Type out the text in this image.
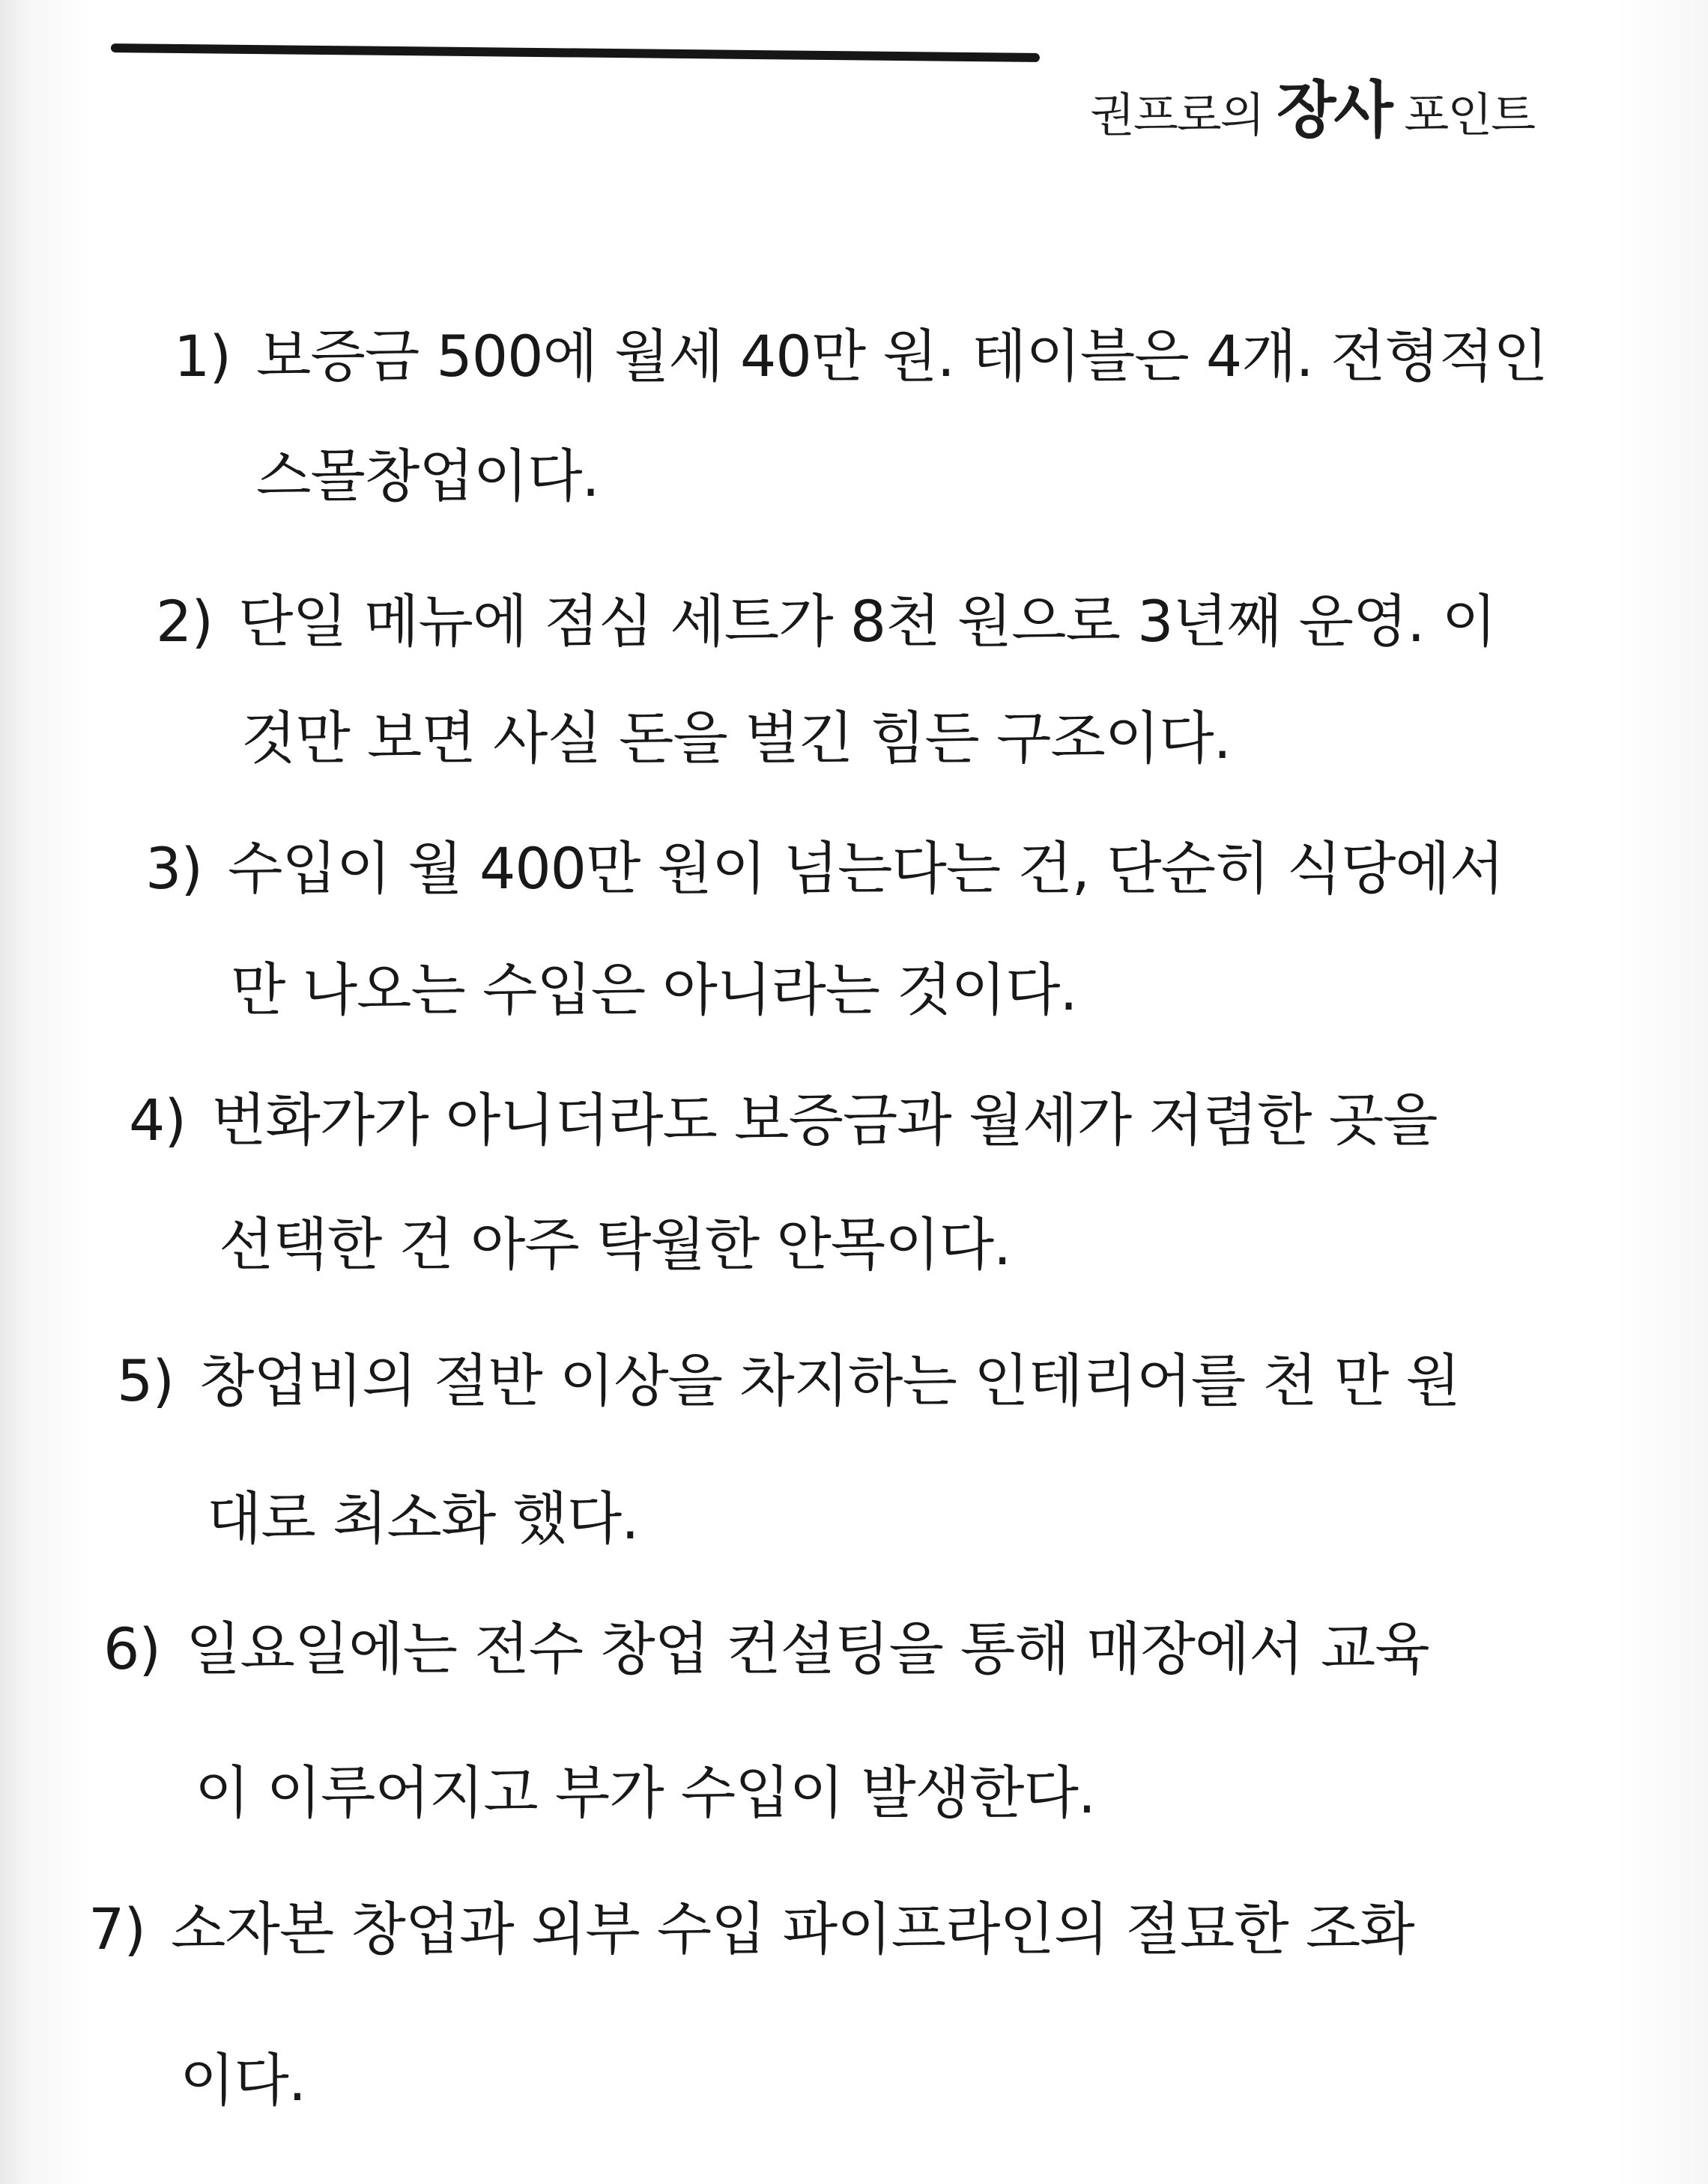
권프로의 장사 포인트
1) 보증금 500에 월세 40만 원. 테이블은 4개. 전형적인
스몰창업이다.
2) 단일 메뉴에 점심 세트가 8천 원으로 3년째 운영. 이
것만 보면 사실 돈을 벌긴 힘든 구조이다.
3) 수입이 월 400만 원이 넘는다는 건, 단순히 식당에서
만 나오는 수입은 아니라는 것이다.
4) 번화가가 아니더라도 보증금과 월세가 저렴한 곳을
선택한 건 아주 탁월한 안목이다.
5) 창업비의 절반 이상을 차지하는 인테리어를 천 만 원
대로 최소화 했다.
6) 일요일에는 전수 창업 컨설팅을 통해 매장에서 교육
이 이루어지고 부가 수입이 발생한다.
7) 소자본 창업과 외부 수입 파이프라인의 절묘한 조화
이다.
